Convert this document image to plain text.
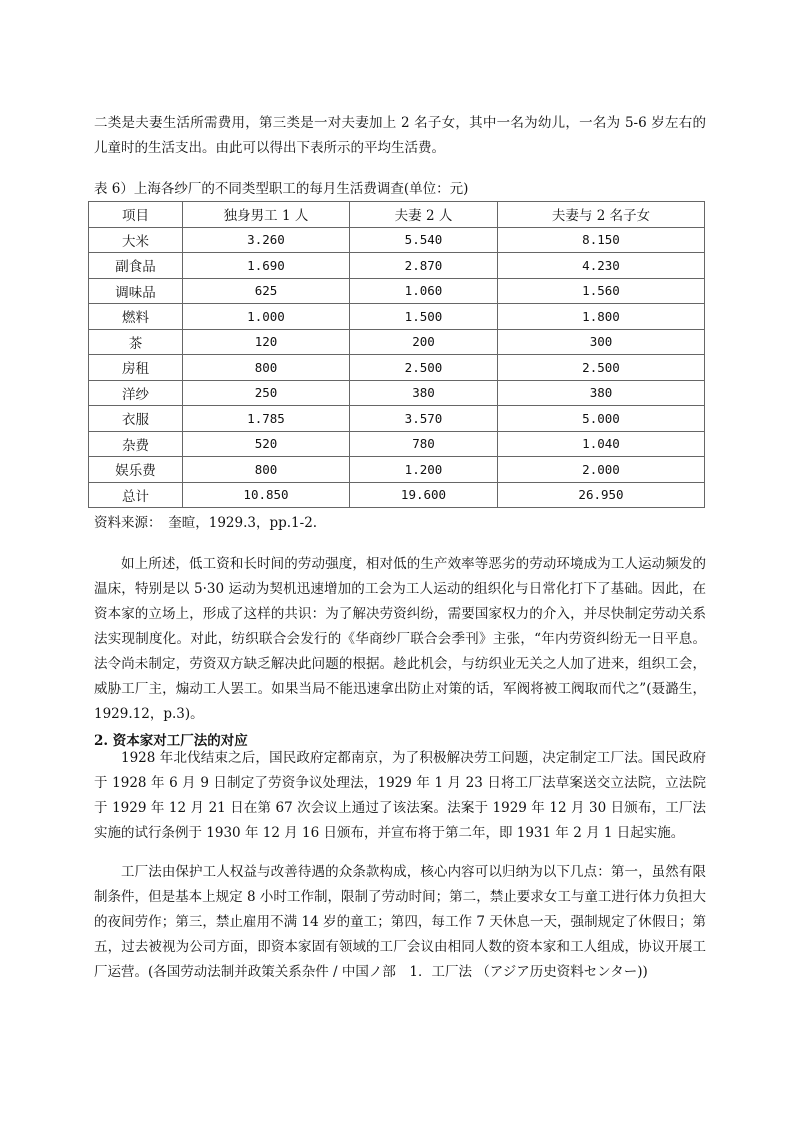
二类是夫妻生活所需费用，第三类是一对夫妻加上 2 名子女，其中一名为幼儿，一名为 5-6 岁左右的儿童时的生活支出。由此可以得出下表所示的平均生活费。

表 6）上海各纱厂的不同类型职工的每月生活费调查(单位：元)
项目	独身男工 1 人	夫妻 2 人	夫妻与 2 名子女
大米	3.260	5.540	8.150
副食品	1.690	2.870	4.230
调味品	625	1.060	1.560
燃料	1.000	1.500	1.800
茶	120	200	300
房租	800	2.500	2.500
洋纱	250	380	380
衣服	1.785	3.570	5.000
杂费	520	780	1.040
娱乐费	800	1.200	2.000
总计	10.850	19.600	26.950
资料来源：　奎暄，1929.3，pp.1-2.

如上所述，低工资和长时间的劳动强度，相对低的生产效率等恶劣的劳动环境成为工人运动频发的温床，特别是以 5·30 运动为契机迅速增加的工会为工人运动的组织化与日常化打下了基础。因此，在资本家的立场上，形成了这样的共识：为了解决劳资纠纷，需要国家权力的介入，并尽快制定劳动关系法实现制度化。对此，纺织联合会发行的《华商纱厂联合会季刊》主张，“年内劳资纠纷无一日平息。法令尚未制定，劳资双方缺乏解决此问题的根据。趁此机会，与纺织业无关之人加了进来，组织工会，威胁工厂主，煽动工人罢工。如果当局不能迅速拿出防止对策的话，军阀将被工阀取而代之”(聂潞生，1929.12，p.3)。

2. 资本家对工厂法的对应

1928 年北伐结束之后，国民政府定都南京，为了积极解决劳工问题，决定制定工厂法。国民政府于 1928 年 6 月 9 日制定了劳资争议处理法，1929 年 1 月 23 日将工厂法草案送交立法院，立法院于 1929 年 12 月 21 日在第 67 次会议上通过了该法案。法案于 1929 年 12 月 30 日颁布，工厂法实施的试行条例于 1930 年 12 月 16 日颁布，并宣布将于第二年，即 1931 年 2 月 1 日起实施。

工厂法由保护工人权益与改善待遇的众条款构成，核心内容可以归纳为以下几点：第一，虽然有限制条件，但是基本上规定 8 小时工作制，限制了劳动时间；第二，禁止要求女工与童工进行体力负担大的夜间劳作；第三，禁止雇用不满 14 岁的童工；第四，每工作 7 天休息一天，强制规定了休假日；第五，过去被视为公司方面，即资本家固有领域的工厂会议由相同人数的资本家和工人组成，协议开展工厂运营。(各国劳动法制并政策关系杂件 / 中国ノ部　1．工厂法 （アジア历史资料センター))
